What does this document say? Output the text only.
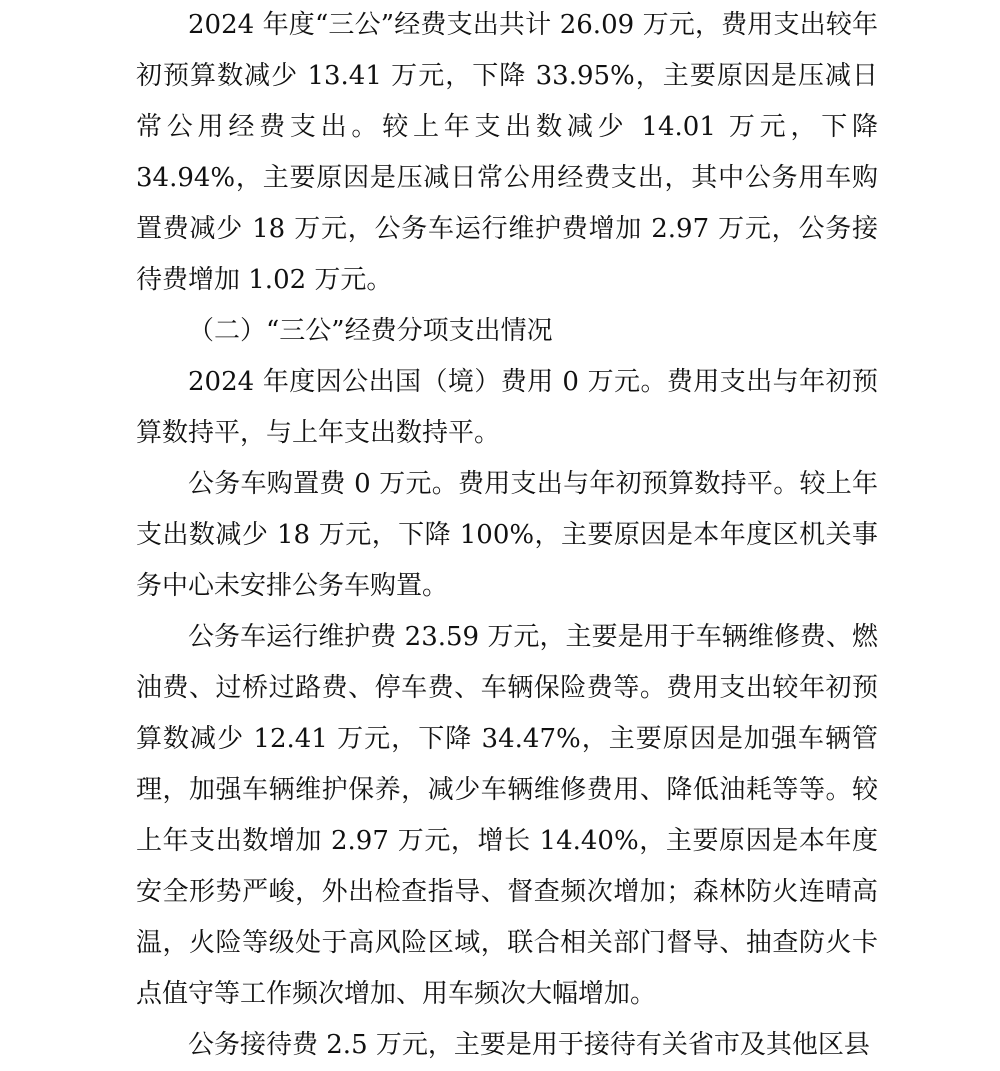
2024 年度“三公”经费支出共计 26.09 万元，费用支出较年初预算数减少 13.41 万元，下降 33.95%，主要原因是压减日常公用经费支出。较上年支出数减少 14.01 万元，下降 34.94%，主要原因是压减日常公用经费支出，其中公务用车购置费减少 18 万元，公务车运行维护费增加 2.97 万元，公务接待费增加 1.02 万元。

（二）“三公”经费分项支出情况

2024 年度因公出国（境）费用 0 万元。费用支出与年初预算数持平，与上年支出数持平。

公务车购置费 0 万元。费用支出与年初预算数持平。较上年支出数减少 18 万元，下降 100%，主要原因是本年度区机关事务中心未安排公务车购置。

公务车运行维护费 23.59 万元，主要是用于车辆维修费、燃油费、过桥过路费、停车费、车辆保险费等。费用支出较年初预算数减少 12.41 万元，下降 34.47%，主要原因是加强车辆管理，加强车辆维护保养，减少车辆维修费用、降低油耗等等。较上年支出数增加 2.97 万元，增长 14.40%，主要原因是本年度安全形势严峻，外出检查指导、督查频次增加；森林防火连晴高温，火险等级处于高风险区域，联合相关部门督导、抽查防火卡点值守等工作频次增加、用车频次大幅增加。

公务接待费 2.5 万元，主要是用于接待有关省市及其他区县
